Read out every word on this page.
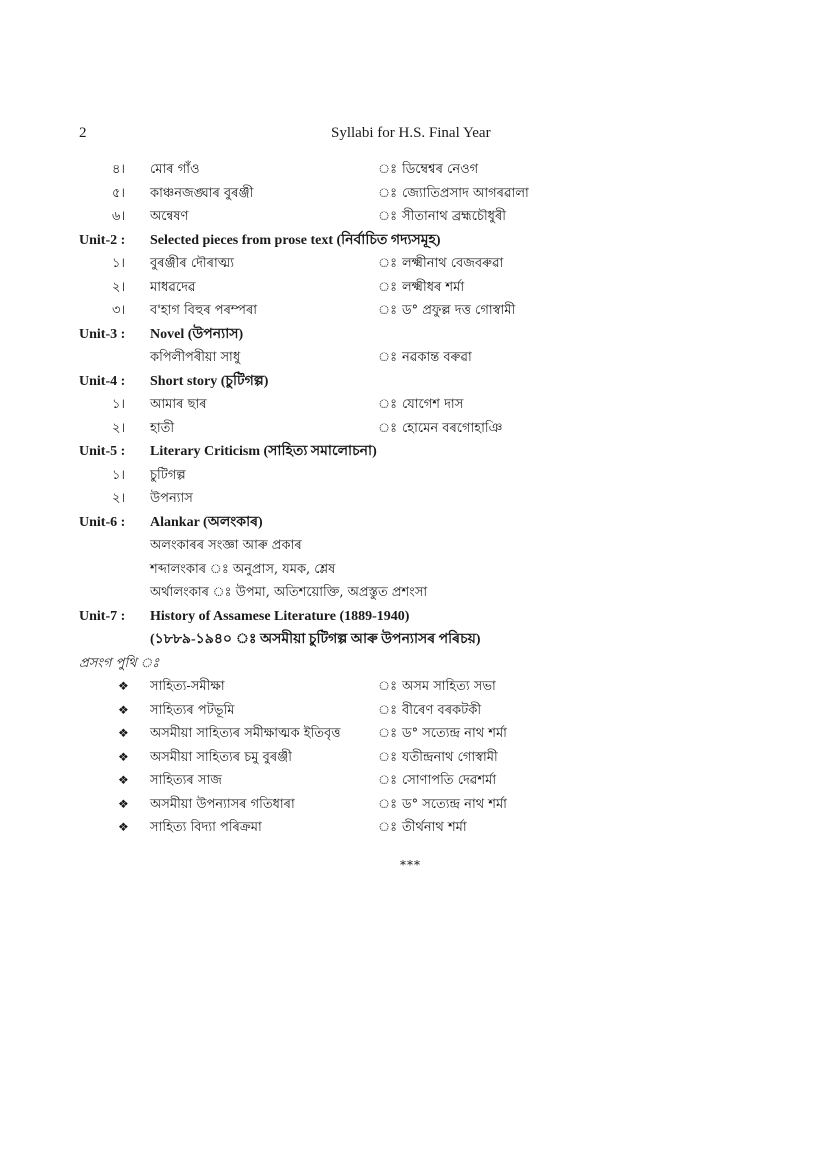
2	Syllabi for H.S. Final Year
৪।	মোৰ গাঁও	ঃ ডিম্বেশ্বৰ নেওগ
৫।	কাঞ্চনজঙ্ঘাৰ বুৰঞ্জী	ঃ জ্যোতিপ্ৰসাদ আগৰৱালা
৬।	অন্বেষণ	ঃ সীতানাথ ব্ৰহ্মচৌধুৰী
Unit-2 : Selected pieces from prose text (নিৰ্বাচিত গদ্যসমূহ)
১।	বুৰঞ্জীৰ দৌৰাত্ম্য	ঃ লক্ষ্মীনাথ বেজবৰুৱা
২।	মাধৱদেৱ	ঃ লক্ষ্মীধৰ শৰ্মা
৩।	ব'হাগ বিহুৰ পৰম্পৰা	ঃ ড° প্ৰফুল্ল দত্ত গোস্বামী
Unit-3 : Novel (উপন্যাস)
কপিলীপৰীয়া সাধু	ঃ নৱকান্ত বৰুৱা
Unit-4 : Short story (চুটিগল্প)
১।	আমাৰ ছাৰ	ঃ যোগেশ দাস
২।	হাতী	ঃ হোমেন বৰগোহাঞি
Unit-5 : Literary Criticism (সাহিত্য সমালোচনা)
১।	চুটিগল্প
২।	উপন্যাস
Unit-6 : Alankar (অলংকাৰ)
অলংকাৰৰ সংজ্ঞা আৰু প্ৰকাৰ
শব্দালংকাৰ ঃ অনুপ্ৰাস, যমক, শ্লেষ
অৰ্থালংকাৰ ঃ উপমা, অতিশয়োক্তি, অপ্ৰস্তুত প্ৰশংসা
Unit-7 : History of Assamese Literature (1889-1940)
(১৮৮৯-১৯৪০ ঃ অসমীয়া চুটিগল্প আৰু উপন্যাসৰ পৰিচয়)
প্ৰসংগ পুথি ঃ
❖ সাহিত্য-সমীক্ষা	ঃ অসম সাহিত্য সভা
❖ সাহিত্যৰ পটভূমি	ঃ বীৰেণ বৰকটকী
❖ অসমীয়া সাহিত্যৰ সমীক্ষাত্মক ইতিবৃত্ত	ঃ ড° সত্যেন্দ্ৰ নাথ শৰ্মা
❖ অসমীয়া সাহিত্যৰ চমু বুৰঞ্জী	ঃ যতীন্দ্ৰনাথ গোস্বামী
❖ সাহিত্যৰ সাজ	ঃ সোণাপতি দেৱশৰ্মা
❖ অসমীয়া উপন্যাসৰ গতিধাৰা	ঃ ড° সত্যেন্দ্ৰ নাথ শৰ্মা
❖ সাহিত্য বিদ্যা পৰিক্ৰমা	ঃ তীৰ্থনাথ শৰ্মা
***
